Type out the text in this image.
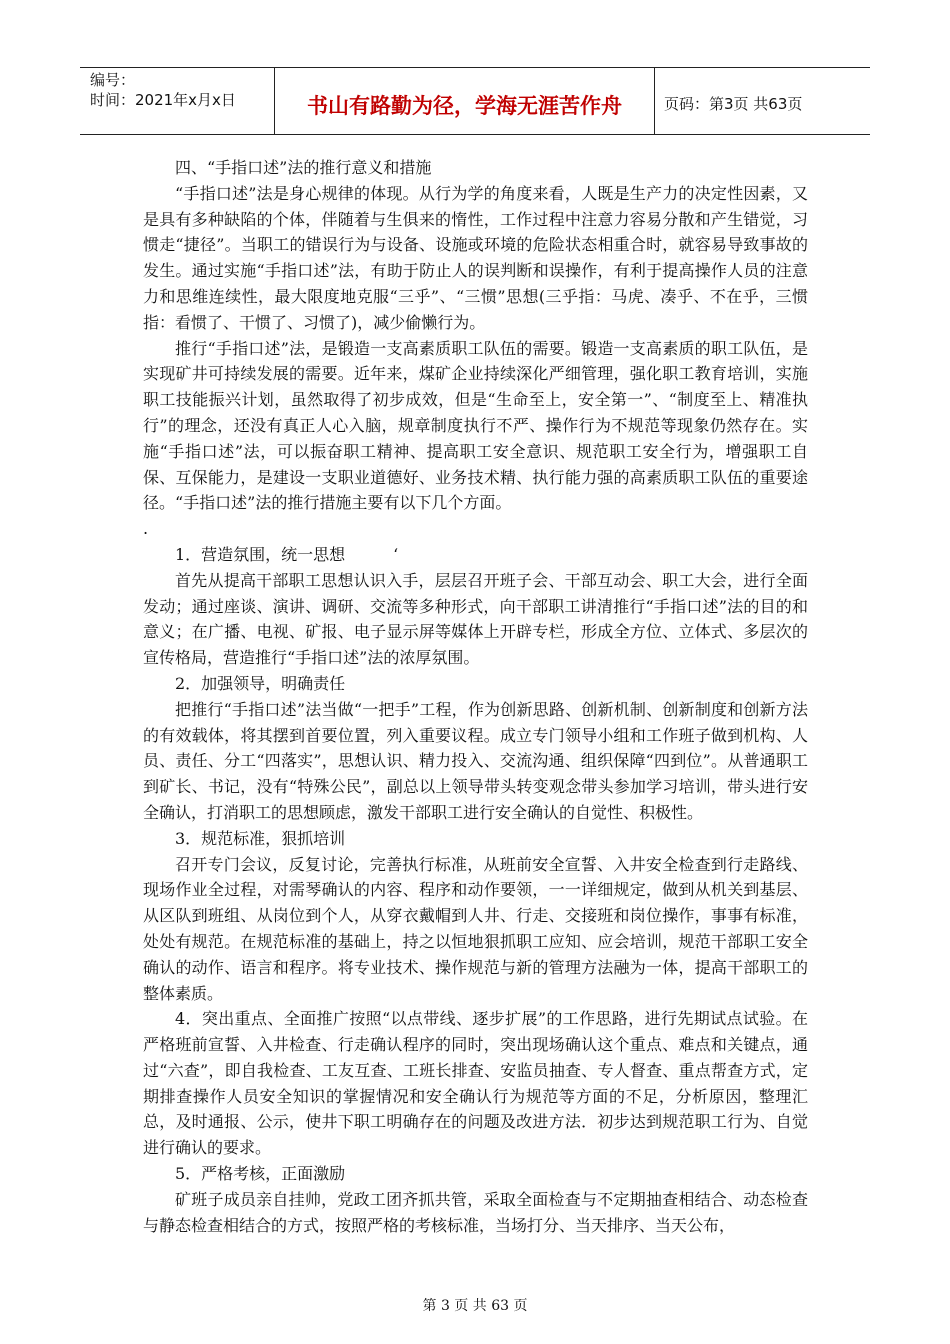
编号：
时间：2021年x月x日	书山有路勤为径，学海无涯苦作舟	页码：第3页 共63页

四、“手指口述”法的推行意义和措施

“手指口述”法是身心规律的体现。从行为学的角度来看，人既是生产力的决定性因素，又是具有多种缺陷的个体，伴随着与生俱来的惰性，工作过程中注意力容易分散和产生错觉，习惯走“捷径”。当职工的错误行为与设备、设施或环境的危险状态相重合时，就容易导致事故的发生。通过实施“手指口述”法，有助于防止人的误判断和误操作，有利于提高操作人员的注意力和思维连续性，最大限度地克服“三乎”、“三惯”思想(三乎指：马虎、凑乎、不在乎，三惯指：看惯了、干惯了、习惯了)，减少偷懒行为。

推行“手指口述”法，是锻造一支高素质职工队伍的需要。锻造一支高素质的职工队伍，是实现矿井可持续发展的需要。近年来，煤矿企业持续深化严细管理，强化职工教育培训，实施职工技能振兴计划，虽然取得了初步成效，但是“生命至上，安全第一”、“制度至上、精准执行”的理念，还没有真正人心入脑，规章制度执行不严、操作行为不规范等现象仍然存在。实施“手指口述”法，可以振奋职工精神、提高职工安全意识、规范职工安全行为，增强职工自保、互保能力，是建设一支职业道德好、业务技术精、执行能力强的高素质职工队伍的重要途径。“手指口述”法的推行措施主要有以下几个方面。

.

1．营造氛围，统一思想　　　‘

首先从提高干部职工思想认识入手，层层召开班子会、干部互动会、职工大会，进行全面发动；通过座谈、演讲、调研、交流等多种形式，向干部职工讲清推行“手指口述”法的目的和意义；在广播、电视、矿报、电子显示屏等媒体上开辟专栏，形成全方位、立体式、多层次的宣传格局，营造推行“手指口述”法的浓厚氛围。

2．加强领导，明确责任

把推行“手指口述”法当做“一把手”工程，作为创新思路、创新机制、创新制度和创新方法的有效载体，将其摆到首要位置，列入重要议程。成立专门领导小组和工作班子做到机构、人员、责任、分工“四落实”，思想认识、精力投入、交流沟通、组织保障“四到位”。从普通职工到矿长、书记，没有“特殊公民”，副总以上领导带头转变观念带头参加学习培训，带头进行安全确认，打消职工的思想顾虑，激发干部职工进行安全确认的自觉性、积极性。

3．规范标准，狠抓培训

召开专门会议，反复讨论，完善执行标准，从班前安全宣誓、入井安全检查到行走路线、现场作业全过程，对需琴确认的内容、程序和动作要领，一一详细规定，做到从机关到基层、从区队到班组、从岗位到个人，从穿衣戴帽到人井、行走、交接班和岗位操作，事事有标准，处处有规范。在规范标准的基础上，持之以恒地狠抓职工应知、应会培训，规范干部职工安全确认的动作、语言和程序。将专业技术、操作规范与新的管理方法融为一体，提高干部职工的整体素质。

4．突出重点、全面推广按照“以点带线、逐步扩展”的工作思路，进行先期试点试验。在严格班前宣誓、入井检查、行走确认程序的同时，突出现场确认这个重点、难点和关键点，通过“六查”，即自我检查、工友互查、工班长排查、安监员抽查、专人督查、重点帮查方式，定期排查操作人员安全知识的掌握情况和安全确认行为规范等方面的不足，分析原因，整理汇总，及时通报、公示，使井下职工明确存在的问题及改进方法．初步达到规范职工行为、自觉进行确认的要求。

5．严格考核，正面激励

矿班子成员亲自挂帅，党政工团齐抓共管，采取全面检查与不定期抽查相结合、动态检查与静态检查相结合的方式，按照严格的考核标准，当场打分、当天排序、当天公布，

第 3 页 共 63 页
